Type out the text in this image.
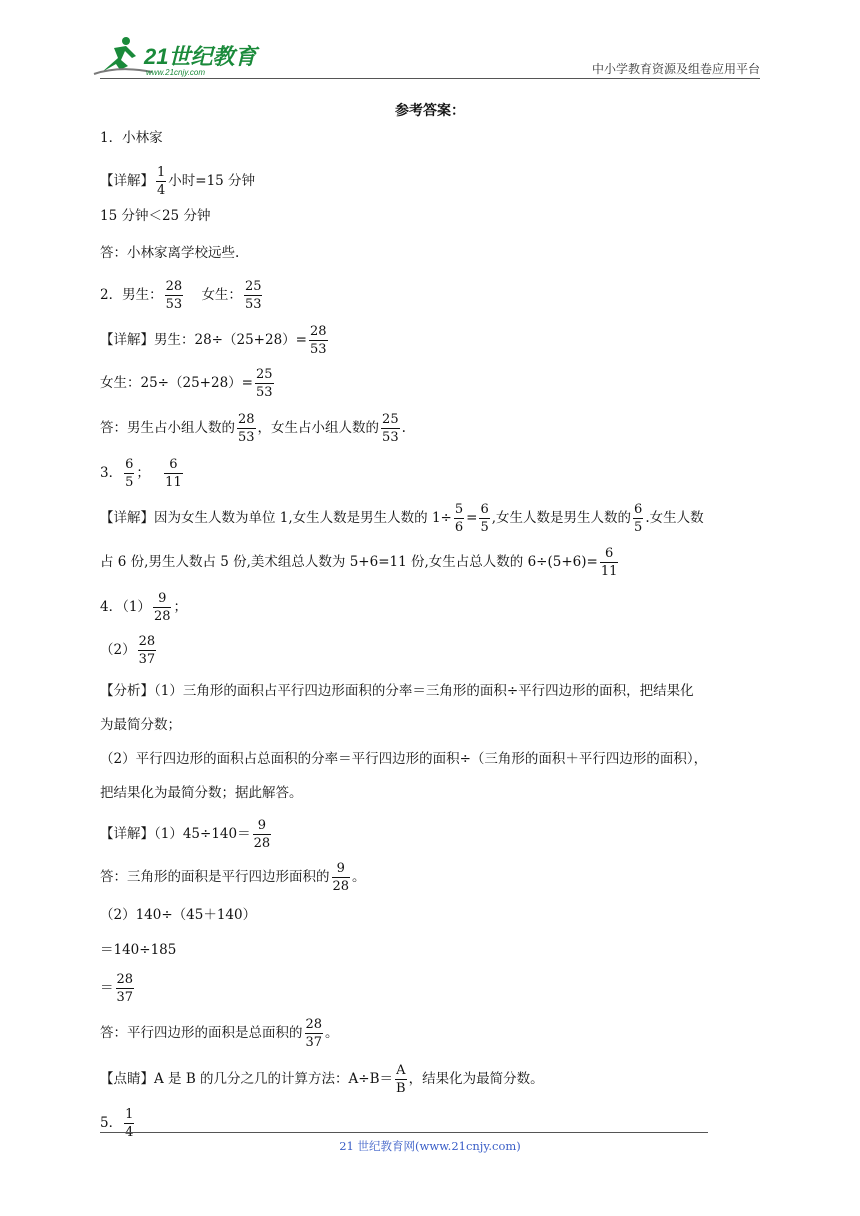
21世纪教育
www.21cnjy.com	中小学教育资源及组卷应用平台
参考答案：
1．小林家
【详解】 $\frac{1}{4}$ 小时=15 分钟
15 分钟＜25 分钟
答：小林家离学校远些.
2．男生： $\frac{28}{53}$ 女生： $\frac{25}{53}$
【详解】男生：$28\div(25+28)= \frac{28}{53}$
女生：$25\div(25+28)= \frac{25}{53}$
答：男生占小组人数的 $\frac{28}{53}$ ，女生占小组人数的 $\frac{25}{53}$ .
3． $\frac{6}{5}$ ； $\frac{6}{11}$
【详解】因为女生人数为单位 1,女生人数是男生人数的 $1\div \frac{5}{6} = \frac{6}{5}$ ,女生人数是男生人数的 $\frac{6}{5}$ .女生人数
占 6 份,男生人数占 5 份,美术组总人数为 5+6=11 份,女生占总人数的 $6\div(5+6)= \frac{6}{11}$
4．$(1) \frac{9}{28}$ ；
$(2) \frac{28}{37}$
【分析】（1）三角形的面积占平行四边形面积的分率＝三角形的面积÷平行四边形的面积，把结果化
为最简分数；
（2）平行四边形的面积占总面积的分率＝平行四边形的面积÷（三角形的面积＋平行四边形的面积），
把结果化为最简分数；据此解答。
【详解】$(1)45\div 140= \frac{9}{28}$
答：三角形的面积是平行四边形面积的 $\frac{9}{28}$ 。
（2）140÷（45＋140）
＝140÷185
＝ $\frac{28}{37}$
答：平行四边形的面积是总面积的 $\frac{28}{37}$ 。
【点睛】A 是 B 的几分之几的计算方法：$A\div B= \frac{A}{B}$ ，结果化为最简分数。
5． $\frac{1}{4}$
21 世纪教育网(www.21cnjy.com)
